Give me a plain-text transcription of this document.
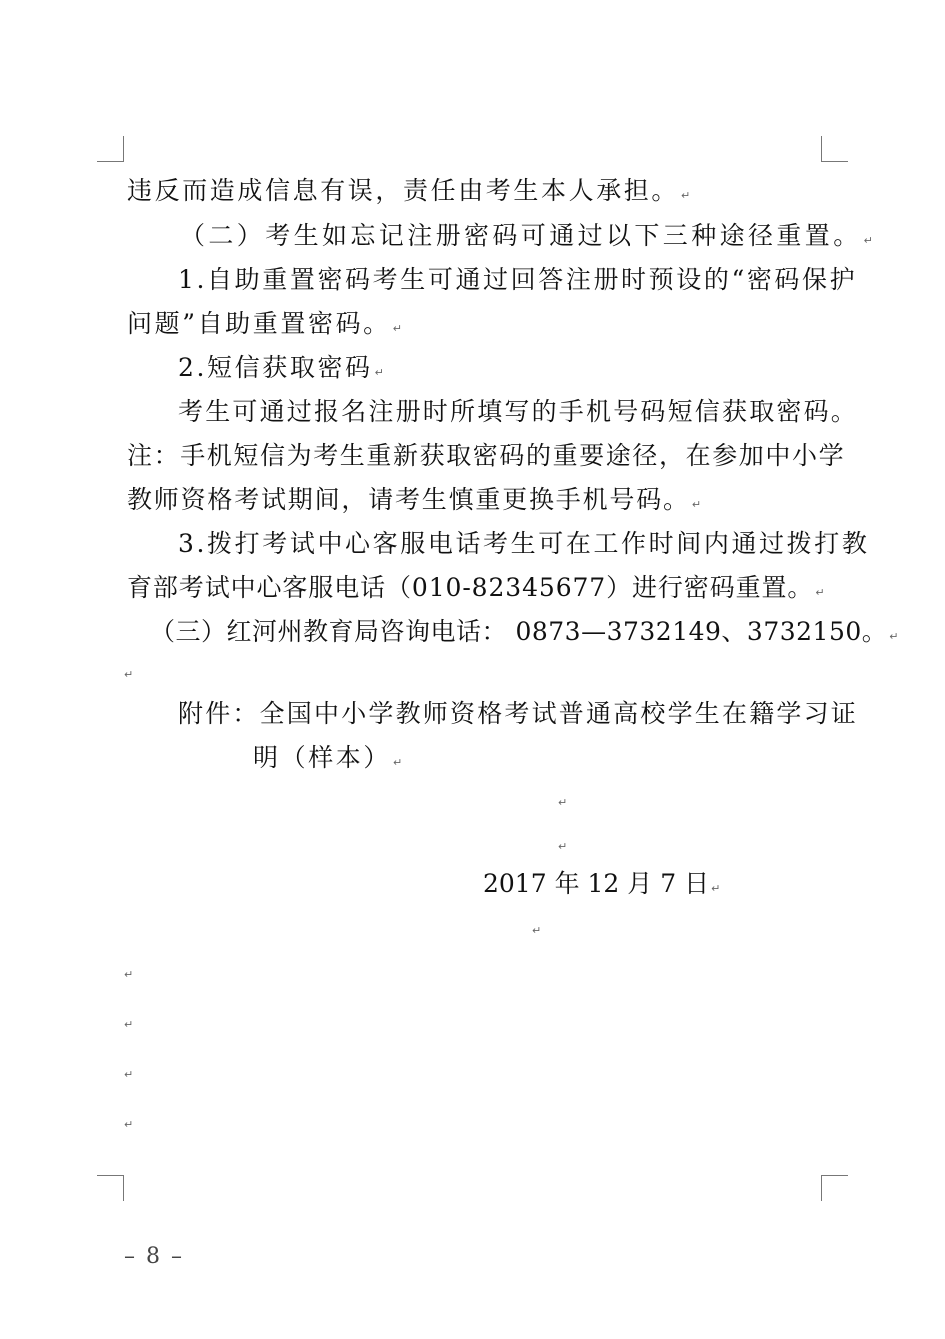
违反而造成信息有误，责任由考生本人承担。 ↵
（二）考生如忘记注册密码可通过以下三种途径重置。 ↵
1.自助重置密码考生可通过回答注册时预设的“密码保护
问题”自助重置密码。 ↵
2.短信获取密码 ↵
考生可通过报名注册时所填写的手机号码短信获取密码。
注：手机短信为考生重新获取密码的重要途径，在参加中小学
教师资格考试期间，请考生慎重更换手机号码。 ↵
3.拨打考试中心客服电话考生可在工作时间内通过拨打教
育部考试中心客服电话（010-82345677）进行密码重置。 ↵
（三）红河州教育局咨询电话： 0873—3732149、3732150。 ↵
↵
附件：全国中小学教师资格考试普通高校学生在籍学习证
明（样本） ↵
↵
↵
2017 年 12 月 7 日 ↵
↵
↵
↵
↵
↵
– 8 –
